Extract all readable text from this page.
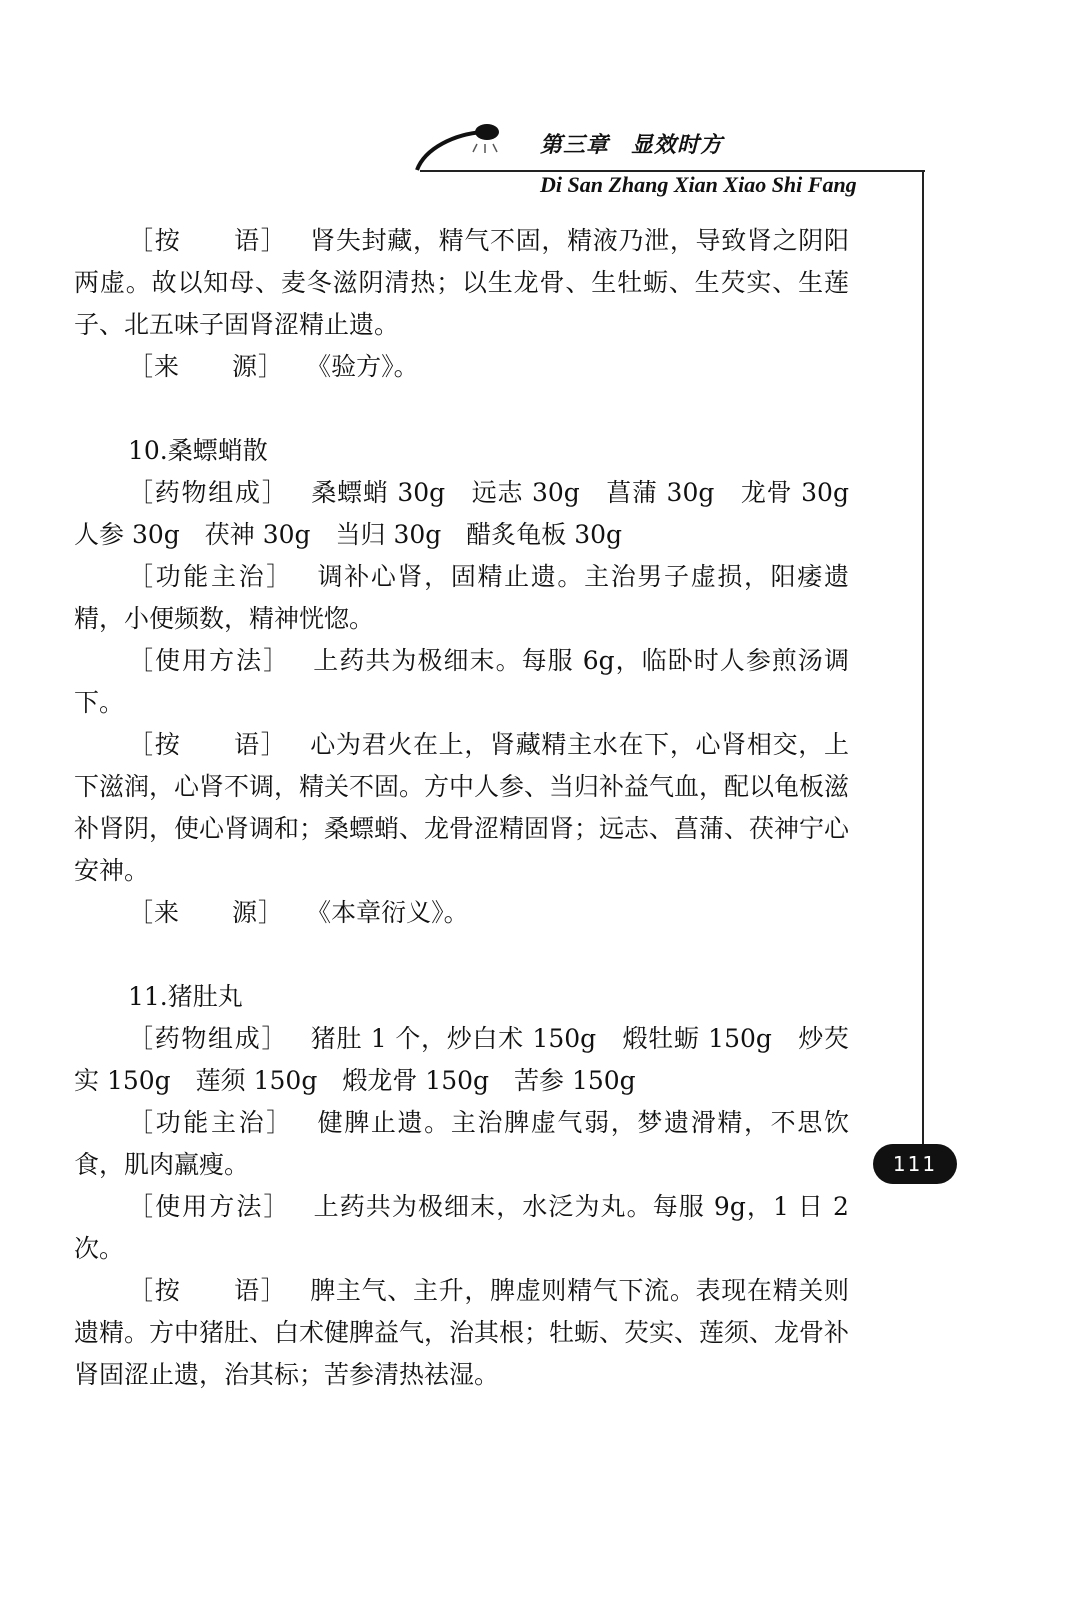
第三章 显效时方
Di San Zhang Xian Xiao Shi Fang
111

［按 语］ 肾失封藏，精气不固，精液乃泄，导致肾之阴阳两虚。故以知母、麦冬滋阴清热；以生龙骨、生牡蛎、生芡实、生莲子、北五味子固肾涩精止遗。

［来 源］ 《验方》。

10.桑螵蛸散

［药物组成］ 桑螵蛸 30g　远志 30g　菖蒲 30g　龙骨 30g　人参 30g　茯神 30g　当归 30g　醋炙龟板 30g

［功能主治］ 调补心肾，固精止遗。主治男子虚损，阳痿遗精，小便频数，精神恍惚。

［使用方法］ 上药共为极细末。每服 6g，临卧时人参煎汤调下。

［按 语］ 心为君火在上，肾藏精主水在下，心肾相交，上下滋润，心肾不调，精关不固。方中人参、当归补益气血，配以龟板滋补肾阴，使心肾调和；桑螵蛸、龙骨涩精固肾；远志、菖蒲、茯神宁心安神。

［来 源］ 《本章衍义》。

11.猪肚丸

［药物组成］ 猪肚 1 个，炒白术 150g　煅牡蛎 150g　炒芡实 150g　莲须 150g　煅龙骨 150g　苦参 150g

［功能主治］ 健脾止遗。主治脾虚气弱，梦遗滑精，不思饮食，肌肉羸瘦。

［使用方法］ 上药共为极细末，水泛为丸。每服 9g，1 日 2 次。

［按 语］ 脾主气、主升，脾虚则精气下流。表现在精关则遗精。方中猪肚、白术健脾益气，治其根；牡蛎、芡实、莲须、龙骨补肾固涩止遗，治其标；苦参清热祛湿。
